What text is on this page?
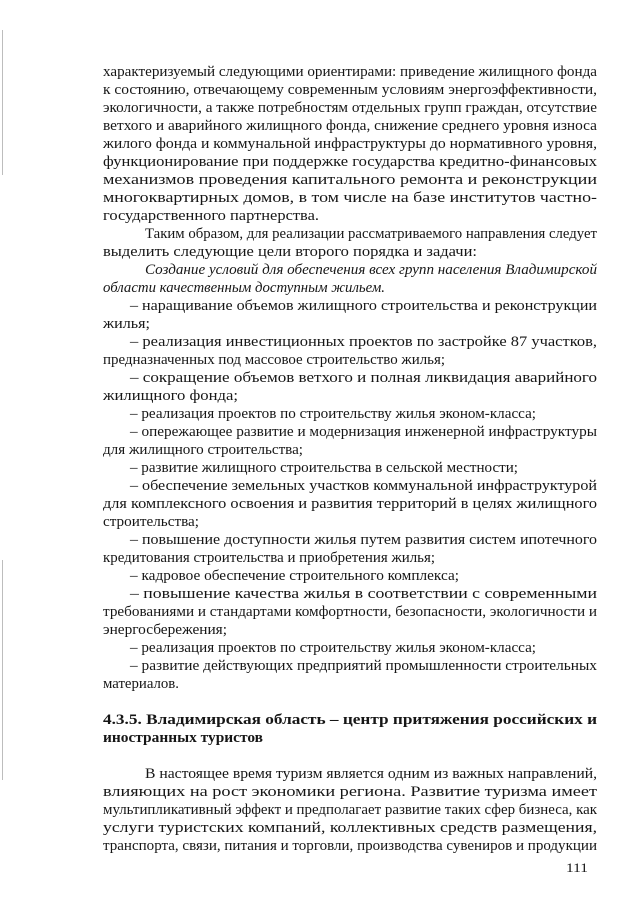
характеризуемый следующими ориентирами: приведение жилищного фонда
к состоянию, отвечающему современным условиям энергоэффективности,
экологичности, а также потребностям отдельных групп граждан, отсутствие
ветхого и аварийного жилищного фонда, снижение среднего уровня износа
жилого фонда и коммунальной инфраструктуры до нормативного уровня,
функционирование при поддержке государства кредитно-финансовых
механизмов проведения капитального ремонта и реконструкции
многоквартирных домов, в том числе на базе институтов частно-
государственного партнерства.
Таким образом, для реализации рассматриваемого направления следует
выделить следующие цели второго порядка и задачи:
Создание условий для обеспечения всех групп населения Владимирской
области качественным доступным жильем.
– наращивание объемов жилищного строительства и реконструкции
жилья;
– реализация инвестиционных проектов по застройке 87 участков,
предназначенных под массовое строительство жилья;
– сокращение объемов ветхого и полная ликвидация аварийного
жилищного фонда;
– реализация проектов по строительству жилья эконом-класса;
– опережающее развитие и модернизация инженерной инфраструктуры
для жилищного строительства;
– развитие жилищного строительства в сельской местности;
– обеспечение земельных участков коммунальной инфраструктурой
для комплексного освоения и развития территорий в целях жилищного
строительства;
– повышение доступности жилья путем развития систем ипотечного
кредитования строительства и приобретения жилья;
– кадровое обеспечение строительного комплекса;
– повышение качества жилья в соответствии с современными
требованиями и стандартами комфортности, безопасности, экологичности и
энергосбережения;
– реализация проектов по строительству жилья эконом-класса;
– развитие действующих предприятий промышленности строительных
материалов.
4.3.5. Владимирская область – центр притяжения российских и
иностранных туристов
В настоящее время туризм является одним из важных направлений,
влияющих на рост экономики региона. Развитие туризма имеет
мультипликативный эффект и предполагает развитие таких сфер бизнеса, как
услуги туристских компаний, коллективных средств размещения,
транспорта, связи, питания и торговли, производства сувениров и продукции
111
